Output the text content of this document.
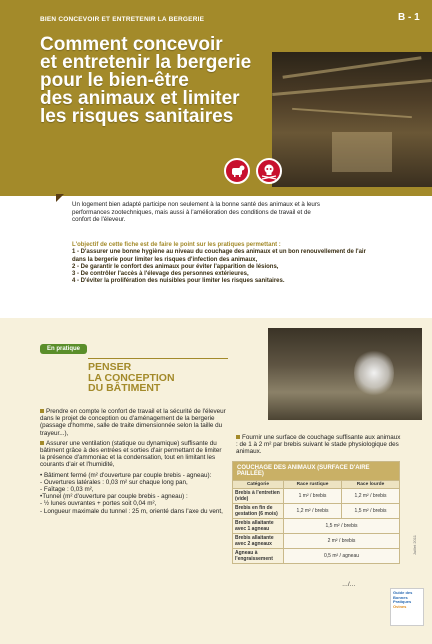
BIEN CONCEVOIR ET ENTRETENIR LA BERGERIE	B - 1
Comment concevoir
et entretenir la bergerie
pour le bien-être
des animaux et limiter
les risques sanitaires
Un logement bien adapté participe non seulement à la bonne santé des animaux et à leurs performances zootechniques, mais aussi à l'amélioration des conditions de travail et de confort de l'éleveur.
L'objectif de cette fiche est de faire le point sur les pratiques permettant :
1 - D'assurer une bonne hygiène au niveau du couchage des animaux et un bon renouvellement de l'air dans la bergerie pour limiter les risques d'infection des animaux,
2 - De garantir le confort des animaux pour éviter l'apparition de lésions,
3 - De contrôler l'accès à l'élevage des personnes extérieures,
4 - D'éviter la prolifération des nuisibles pour limiter les risques sanitaires.
En pratique
PENSER
LA CONCEPTION
DU BÂTIMENT

Prendre en compte le confort de travail et la sécurité de l'éleveur dans le projet de conception ou d'aménagement de la bergerie (passage d'homme, salle de traite dimensionnée selon la taille du trayeur...),

Assurer une ventilation (statique ou dynamique) suffisante du bâtiment grâce à des entrées et sorties d'air permettant de limiter la présence d'ammoniac et la condensation, tout en limitant les courants d'air et l'humidité,

• Bâtiment fermé (m² d'ouverture par couple brebis - agneau):
- Ouvertures latérales : 0,03 m² sur chaque long pan,
- Faîtage : 0,03 m²,
•Tunnel (m² d'ouverture par couple brebis - agneau) :
- ½ lunes ouvrantes + portes soit 0,04 m²,
- Longueur maximale du tunnel : 25 m, orienté dans l'axe du vent,
Fournir une surface de couchage suffisante aux animaux : de 1 à 2 m² par brebis suivant le stade physiologique des animaux.
COUCHAGE DES ANIMAUX (SURFACE D'AIRE PAILLÉE)		
Catégorie	Race rustique	Race lourde
Brebis à l'entretien (vide)	1 m² / brebis	1,2 m² / brebis
Brebis en fin de gestation (6 mois)	1,2 m² / brebis	1,5 m² / brebis
Brebis allaitante avec 1 agneau	1,5 m² / brebis	
Brebis allaitante avec 2 agneaux	2 m² / brebis	
Agneau à l'engraissement	0,5 m² / agneau	
…/…
Juillet 2011
Guide des
Bonnes
Pratiques
Ovines
